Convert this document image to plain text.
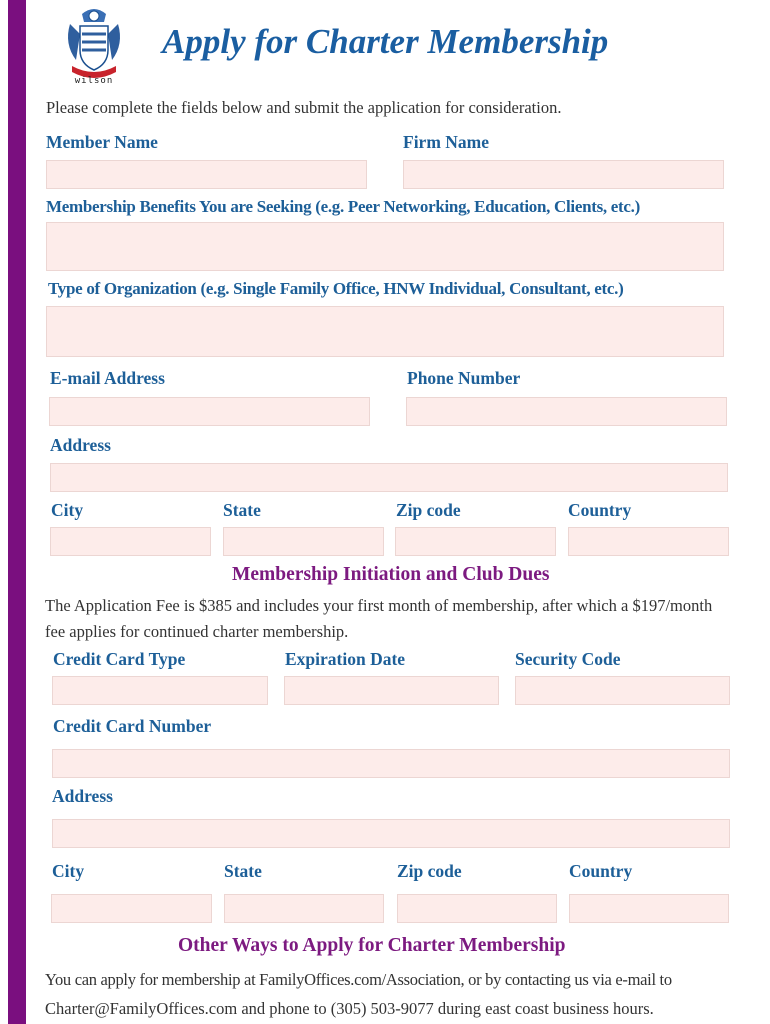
wilson
Apply for Charter Membership
Please complete the fields below and submit the application for consideration.
Member Name	Firm Name
Membership Benefits You are Seeking (e.g. Peer Networking, Education, Clients, etc.)
Type of Organization (e.g. Single Family Office, HNW Individual, Consultant, etc.)
E-mail Address	Phone Number
Address
City	State	Zip code	Country
Membership Initiation and Club Dues
The Application Fee is $385 and includes your first month of membership, after which a $197/month
fee applies for continued charter membership.
Credit Card Type	Expiration Date	Security Code
Credit Card Number
Address
City	State	Zip code	Country
Other Ways to Apply for Charter Membership
You can apply for membership at FamilyOffices.com/Association, or by contacting us via e-mail to
Charter@FamilyOffices.com and phone to (305) 503-9077 during east coast business hours.
